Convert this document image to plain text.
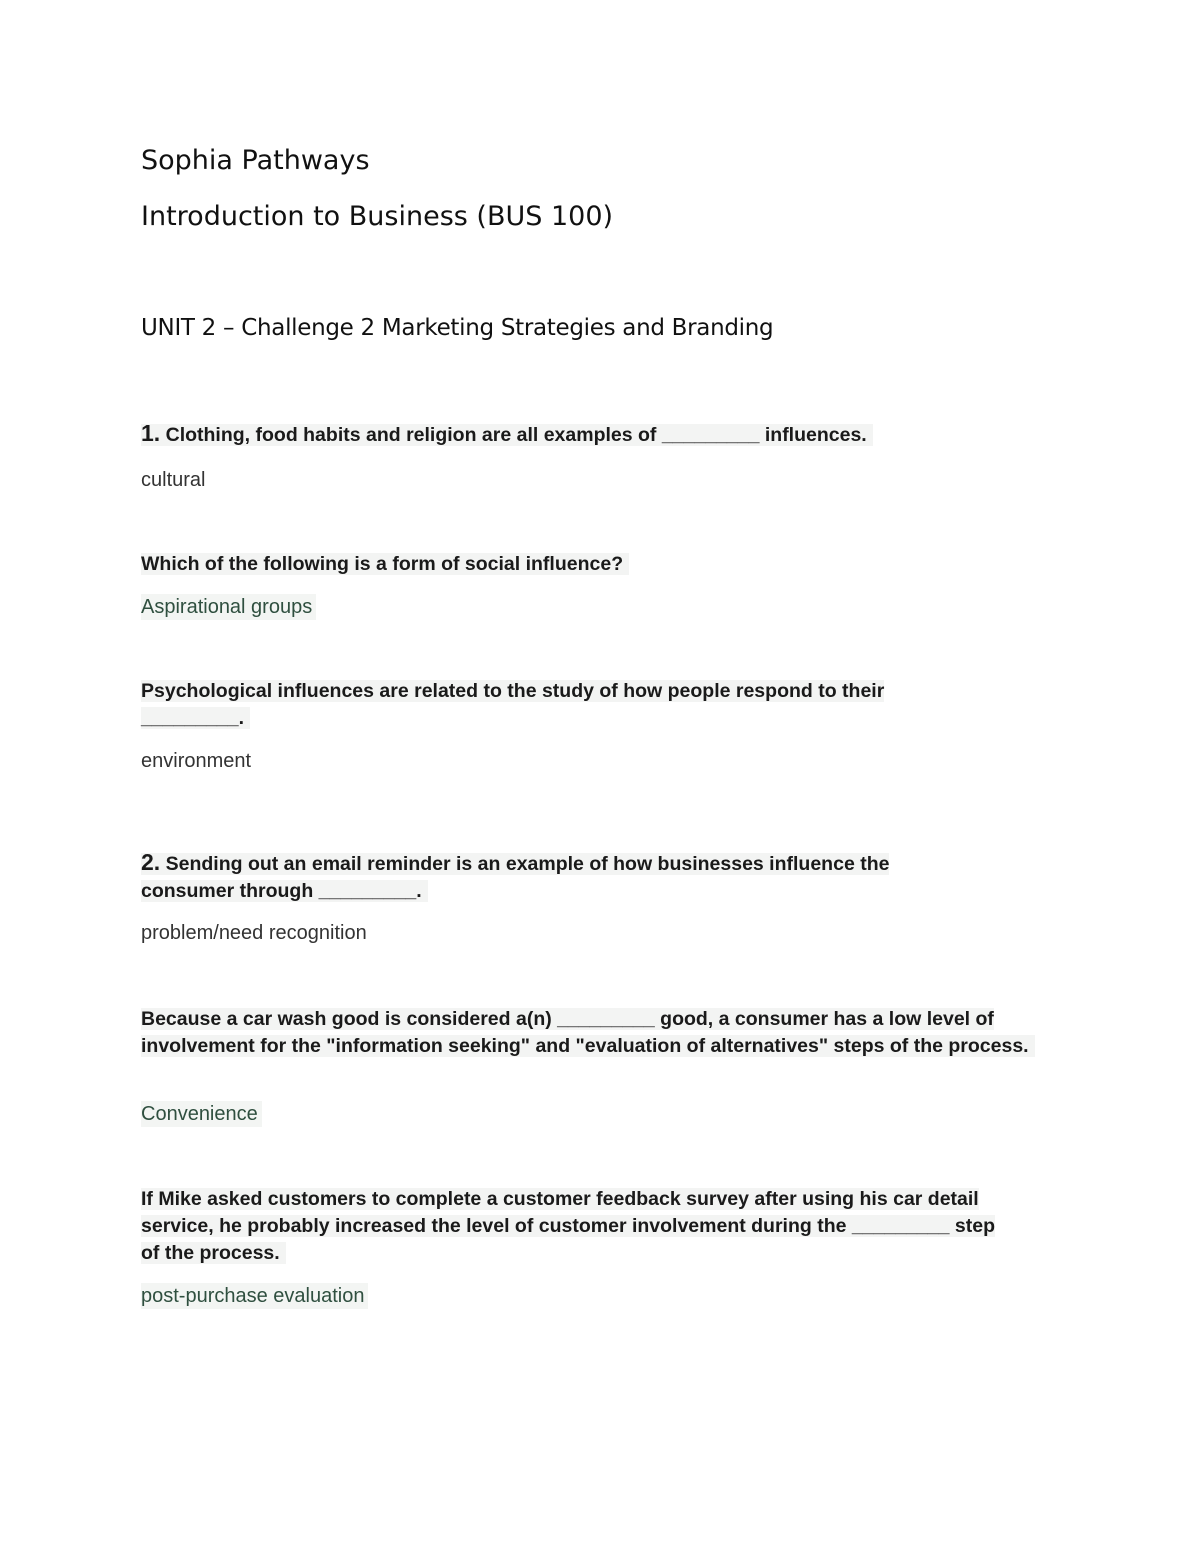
Sophia Pathways
Introduction to Business (BUS 100)
UNIT 2 – Challenge 2 Marketing Strategies and Branding
1. Clothing, food habits and religion are all examples of _________ influences.
cultural
Which of the following is a form of social influence?
Aspirational groups
Psychological influences are related to the study of how people respond to their _________.
environment
2. Sending out an email reminder is an example of how businesses influence the consumer through _________.
problem/need recognition
Because a car wash good is considered a(n) _________ good, a consumer has a low level of involvement for the "information seeking" and "evaluation of alternatives" steps of the process.
Convenience
If Mike asked customers to complete a customer feedback survey after using his car detail service, he probably increased the level of customer involvement during the _________ step of the process.
post-purchase evaluation
